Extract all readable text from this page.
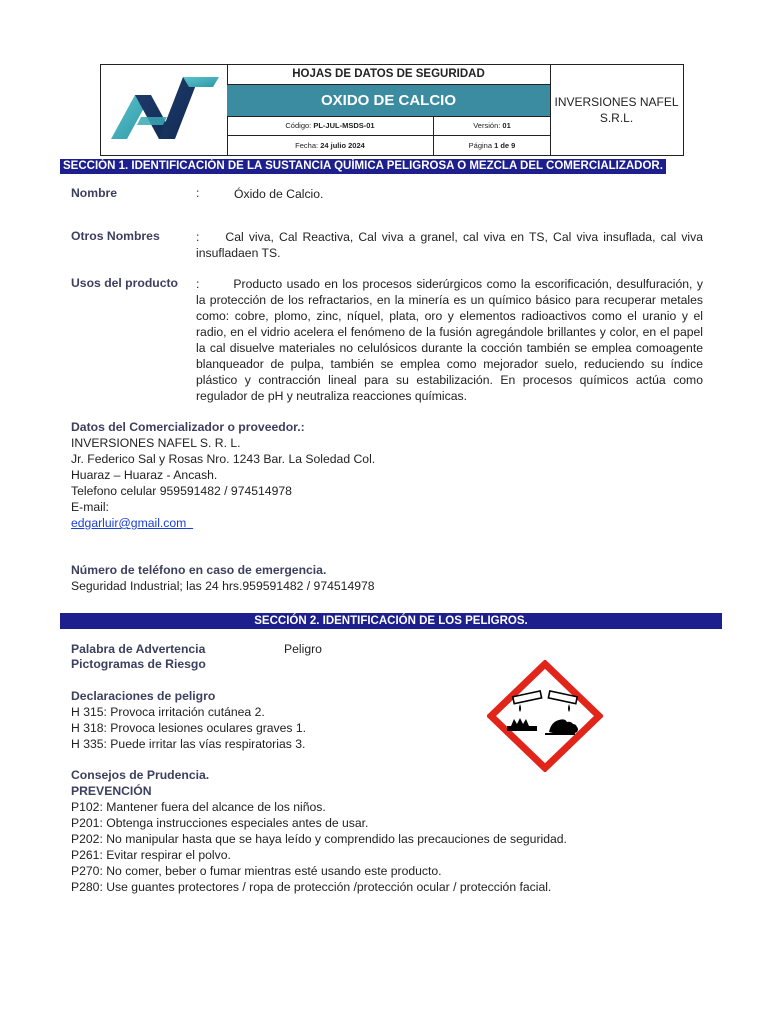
HOJAS DE DATOS DE SEGURIDAD
OXIDO DE CALCIO
Código: PL-JUL-MSDS-01	Versión: 01
Fecha: 24 julio 2024	Página 1 de 9
INVERSIONES NAFEL
S.R.L.
SECCIÓN 1. IDENTIFICACIÓN DE LA SUSTANCIA QUÍMICA PELIGROSA O MEZCLA DEL COMERCIALIZADOR.
Nombre	:	Óxido de Calcio.
Otros Nombres	: Cal viva, Cal Reactiva, Cal viva a granel, cal viva en TS, Cal viva insuflada, cal viva insufladaen TS.
Usos del producto :	Producto usado en los procesos siderúrgicos como la escorificación, desulfuración, y la protección de los refractarios, en la minería es un químico básico para recuperar metales como: cobre, plomo, zinc, níquel, plata, oro y elementos radioactivos como el uranio y el radio, en el vidrio acelera el fenómeno de la fusión agregándole brillantes y color, en el papel la cal disuelve materiales no celulósicos durante la cocción también se emplea comoagente blanqueador de pulpa, también se emplea como mejorador suelo, reduciendo su índice plástico y contracción lineal para su estabilización. En procesos químicos actúa como regulador de pH y neutraliza reacciones químicas.
Datos del Comercializador o proveedor.:
INVERSIONES NAFEL S. R. L.
Jr. Federico Sal y Rosas Nro. 1243 Bar. La Soledad Col.
Huaraz – Huaraz - Ancash.
Telefono celular 959591482 / 974514978
E-mail:
edgarluir@gmail.com
Número de teléfono en caso de emergencia.
Seguridad Industrial; las 24 hrs.959591482 / 974514978
SECCIÓN 2. IDENTIFICACIÓN DE LOS PELIGROS.
Palabra de Advertencia	Peligro
Pictogramas de Riesgo
Declaraciones de peligro
H 315: Provoca irritación cutánea 2.
H 318: Provoca lesiones oculares graves 1.
H 335: Puede irritar las vías respiratorias 3.
Consejos de Prudencia.
PREVENCIÓN
P102: Mantener fuera del alcance de los niños.
P201: Obtenga instrucciones especiales antes de usar.
P202: No manipular hasta que se haya leído y comprendido las precauciones de seguridad.
P261: Evitar respirar el polvo.
P270: No comer, beber o fumar mientras esté usando este producto.
P280: Use guantes protectores / ropa de protección /protección ocular / protección facial.
